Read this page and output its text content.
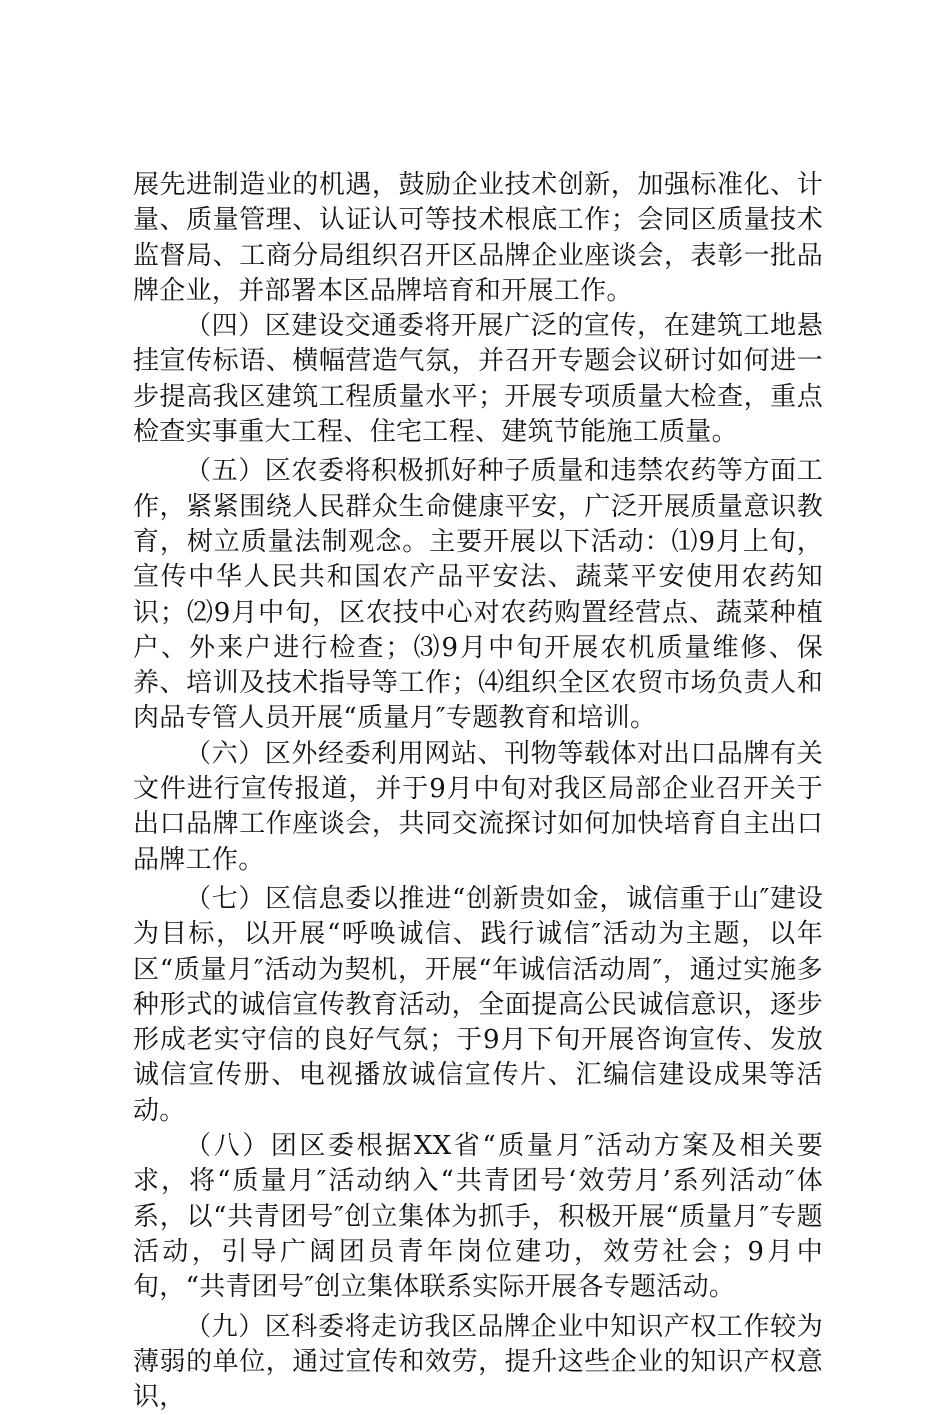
展先进制造业的机遇，鼓励企业技术创新，加强标准化、计量、质量管理、认证认可等技术根底工作；会同区质量技术监督局、工商分局组织召开区品牌企业座谈会，表彰一批品牌企业，并部署本区品牌培育和开展工作。

（四）区建设交通委将开展广泛的宣传，在建筑工地悬挂宣传标语、横幅营造气氛，并召开专题会议研讨如何进一步提高我区建筑工程质量水平；开展专项质量大检查，重点检查实事重大工程、住宅工程、建筑节能施工质量。

（五）区农委将积极抓好种子质量和违禁农药等方面工作，紧紧围绕人民群众生命健康平安，广泛开展质量意识教育，树立质量法制观念。主要开展以下活动：⑴9月上旬，宣传中华人民共和国农产品平安法、蔬菜平安使用农药知识；⑵9月中旬，区农技中心对农药购置经营点、蔬菜种植户、外来户进行检查；⑶9月中旬开展农机质量维修、保养、培训及技术指导等工作；⑷组织全区农贸市场负责人和肉品专管人员开展“质量月″专题教育和培训。

（六）区外经委利用网站、刊物等载体对出口品牌有关文件进行宣传报道，并于9月中旬对我区局部企业召开关于出口品牌工作座谈会，共同交流探讨如何加快培育自主出口品牌工作。

（七）区信息委以推进“创新贵如金，诚信重于山″建设为目标，以开展“呼唤诚信、践行诚信″活动为主题，以年区“质量月″活动为契机，开展“年诚信活动周″，通过实施多种形式的诚信宣传教育活动，全面提高公民诚信意识，逐步形成老实守信的良好气氛；于9月下旬开展咨询宣传、发放诚信宣传册、电视播放诚信宣传片、汇编信建设成果等活动。

（八）团区委根据XX省“质量月″活动方案及相关要求，将“质量月″活动纳入“共青团号‘效劳月’系列活动″体系，以“共青团号″创立集体为抓手，积极开展“质量月″专题活动，引导广阔团员青年岗位建功，效劳社会；9月中旬，“共青团号″创立集体联系实际开展各专题活动。

（九）区科委将走访我区品牌企业中知识产权工作较为薄弱的单位，通过宣传和效劳，提升这些企业的知识产权意识，
